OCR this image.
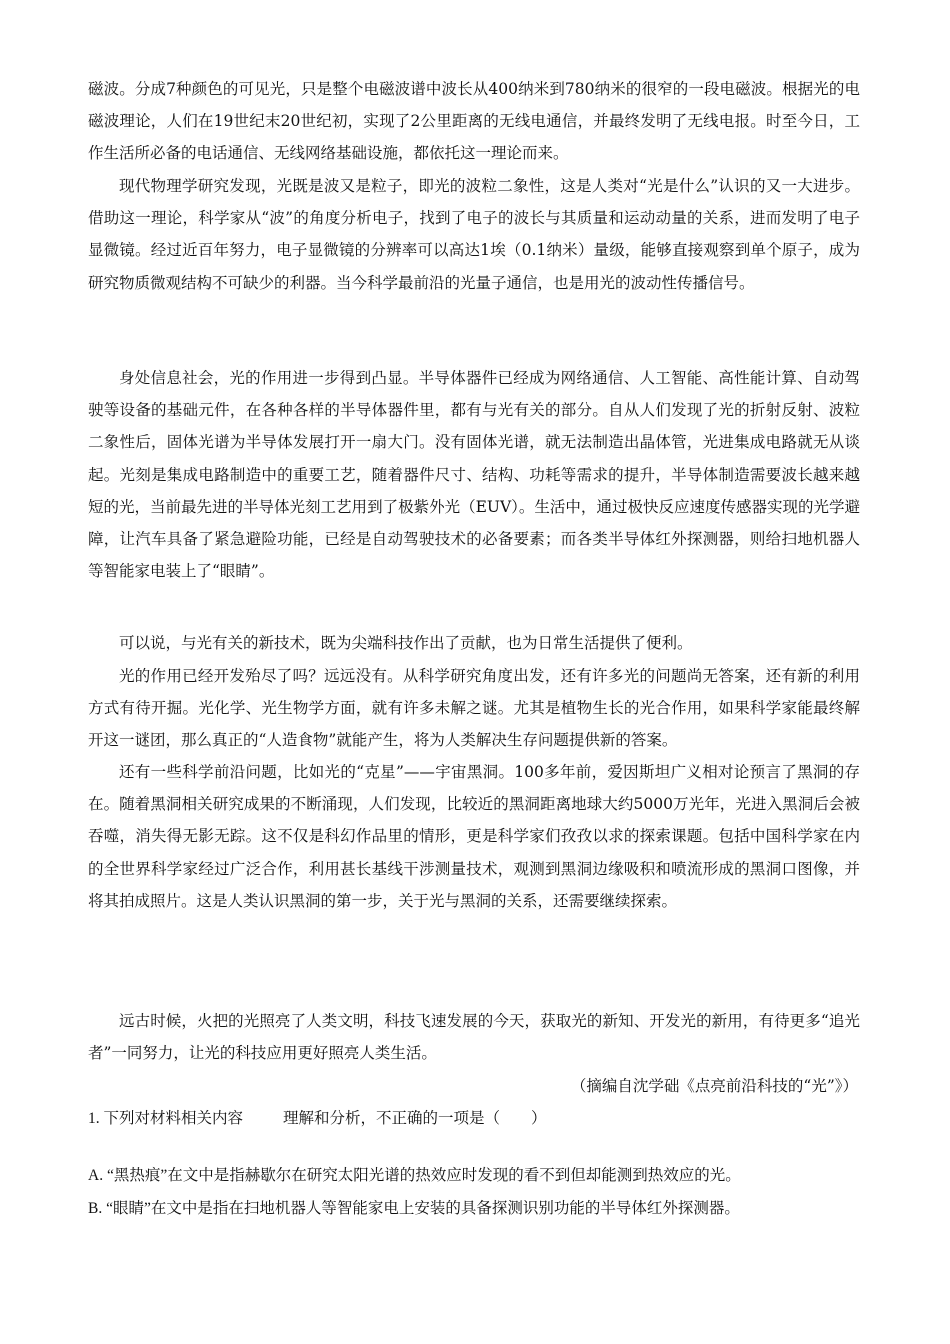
磁波。分成7种颜色的可见光，只是整个电磁波谱中波长从400纳米到780纳米的很窄的一段电磁波。根据光的电磁波理论，人们在19世纪末20世纪初，实现了2公里距离的无线电通信，并最终发明了无线电报。时至今日，工作生活所必备的电话通信、无线网络基础设施，都依托这一理论而来。

现代物理学研究发现，光既是波又是粒子，即光的波粒二象性，这是人类对“光是什么”认识的又一大进步。借助这一理论，科学家从“波”的角度分析电子，找到了电子的波长与其质量和运动动量的关系，进而发明了电子显微镜。经过近百年努力，电子显微镜的分辨率可以高达1埃（0.1纳米）量级，能够直接观察到单个原子，成为研究物质微观结构不可缺少的利器。当今科学最前沿的光量子通信，也是用光的波动性传播信号。

身处信息社会，光的作用进一步得到凸显。半导体器件已经成为网络通信、人工智能、高性能计算、自动驾驶等设备的基础元件，在各种各样的半导体器件里，都有与光有关的部分。自从人们发现了光的折射反射、波粒二象性后，固体光谱为半导体发展打开一扇大门。没有固体光谱，就无法制造出晶体管，光进集成电路就无从谈起。光刻是集成电路制造中的重要工艺，随着器件尺寸、结构、功耗等需求的提升，半导体制造需要波长越来越短的光，当前最先进的半导体光刻工艺用到了极紫外光（EUV）。生活中，通过极快反应速度传感器实现的光学避障，让汽车具备了紧急避险功能，已经是自动驾驶技术的必备要素；而各类半导体红外探测器，则给扫地机器人等智能家电装上了“眼睛”。

可以说，与光有关的新技术，既为尖端科技作出了贡献，也为日常生活提供了便利。

光的作用已经开发殆尽了吗？远远没有。从科学研究角度出发，还有许多光的问题尚无答案，还有新的利用方式有待开掘。光化学、光生物学方面，就有许多未解之谜。尤其是植物生长的光合作用，如果科学家能最终解开这一谜团，那么真正的“人造食物”就能产生，将为人类解决生存问题提供新的答案。

还有一些科学前沿问题，比如光的“克星”——宇宙黑洞。100多年前，爱因斯坦广义相对论预言了黑洞的存在。随着黑洞相关研究成果的不断涌现，人们发现，比较近的黑洞距离地球大约5000万光年，光进入黑洞后会被吞噬，消失得无影无踪。这不仅是科幻作品里的情形，更是科学家们孜孜以求的探索课题。包括中国科学家在内的全世界科学家经过广泛合作，利用甚长基线干涉测量技术，观测到黑洞边缘吸积和喷流形成的黑洞口图像，并将其拍成照片。这是人类认识黑洞的第一步，关于光与黑洞的关系，还需要继续探索。

远古时候，火把的光照亮了人类文明，科技飞速发展的今天，获取光的新知、开发光的新用，有待更多“追光者”一同努力，让光的科技应用更好照亮人类生活。

（摘编自沈学础《点亮前沿科技的“光”》）

1. 下列对材料相关内容	理解和分析，不正确的一项是（　　）

A. “黑热痕”在文中是指赫歇尔在研究太阳光谱的热效应时发现的看不到但却能测到热效应的光。

B. “眼睛”在文中是指在扫地机器人等智能家电上安装的具备探测识别功能的半导体红外探测器。
